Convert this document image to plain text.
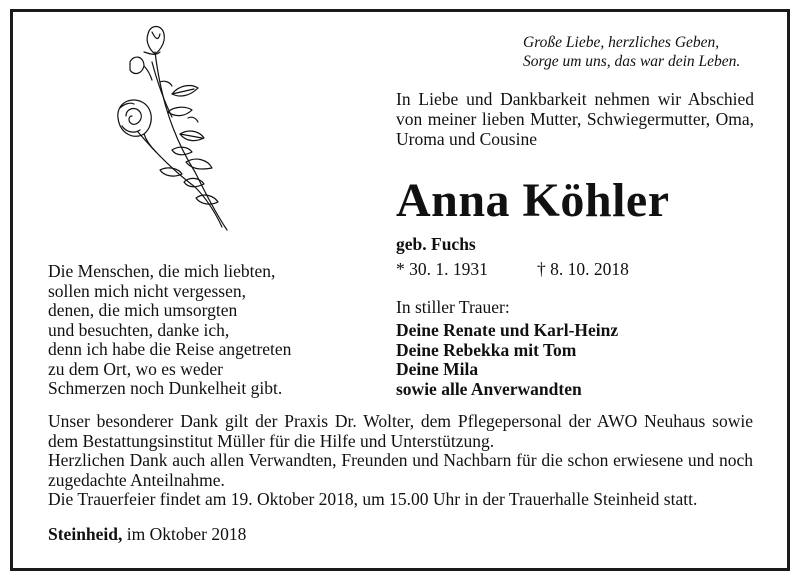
Große Liebe, herzliches Geben,
Sorge um uns, das war dein Leben.
In Liebe und Dankbarkeit nehmen wir Abschied von meiner lieben Mutter, Schwiegermutter, Oma, Uroma und Cousine
Anna Köhler
geb. Fuchs
* 30. 1. 1931	† 8. 10. 2018
In stiller Trauer:
Deine Renate und Karl-Heinz
Deine Rebekka mit Tom
Deine Mila
sowie alle Anverwandten
Die Menschen, die mich liebten,
sollen mich nicht vergessen,
denen, die mich umsorgten
und besuchten, danke ich,
denn ich habe die Reise angetreten
zu dem Ort, wo es weder
Schmerzen noch Dunkelheit gibt.

Unser besonderer Dank gilt der Praxis Dr. Wolter, dem Pflegepersonal der AWO Neuhaus sowie dem Bestattungsinstitut Müller für die Hilfe und Unterstützung.

Herzlichen Dank auch allen Verwandten, Freunden und Nachbarn für die schon erwiesene und noch zugedachte Anteilnahme.

Die Trauerfeier findet am 19. Oktober 2018, um 15.00 Uhr in der Trauerhalle Steinheid statt.

Steinheid, im Oktober 2018
